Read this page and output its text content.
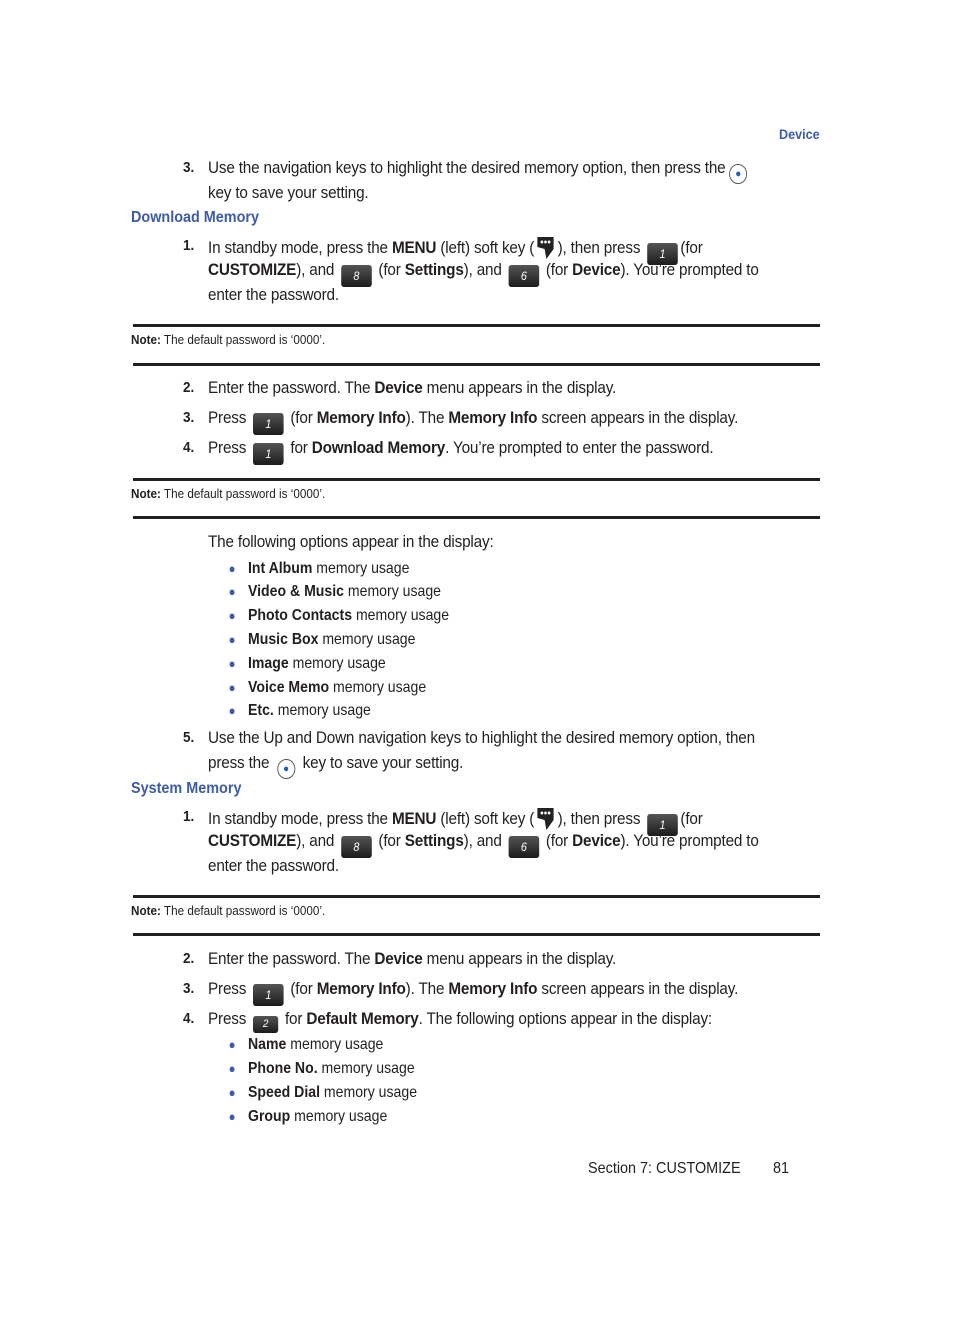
Device
3. Use the navigation keys to highlight the desired memory option, then press the ●
key to save your setting.
Download Memory
1. In standby mode, press the MENU (left) soft key ( ), then press 1 (for
CUSTOMIZE), and 8 (for Settings), and 6 (for Device). You’re prompted to
enter the password.
Note: The default password is ‘0000’.
2. Enter the password. The Device menu appears in the display.
3. Press 1 (for Memory Info). The Memory Info screen appears in the display.
4. Press 1 for Download Memory. You’re prompted to enter the password.
Note: The default password is ‘0000’.
The following options appear in the display:
● Int Album memory usage
● Video & Music memory usage
● Photo Contacts memory usage
● Music Box memory usage
● Image memory usage
● Voice Memo memory usage
● Etc. memory usage
5. Use the Up and Down navigation keys to highlight the desired memory option, then
press the ● key to save your setting.
System Memory
1. In standby mode, press the MENU (left) soft key ( ), then press 1 (for
CUSTOMIZE), and 8 (for Settings), and 6 (for Device). You’re prompted to
enter the password.
Note: The default password is ‘0000’.
2. Enter the password. The Device menu appears in the display.
3. Press 1 (for Memory Info). The Memory Info screen appears in the display.
4. Press 2 for Default Memory. The following options appear in the display:
● Name memory usage
● Phone No. memory usage
● Speed Dial memory usage
● Group memory usage
Section 7: CUSTOMIZE 81
